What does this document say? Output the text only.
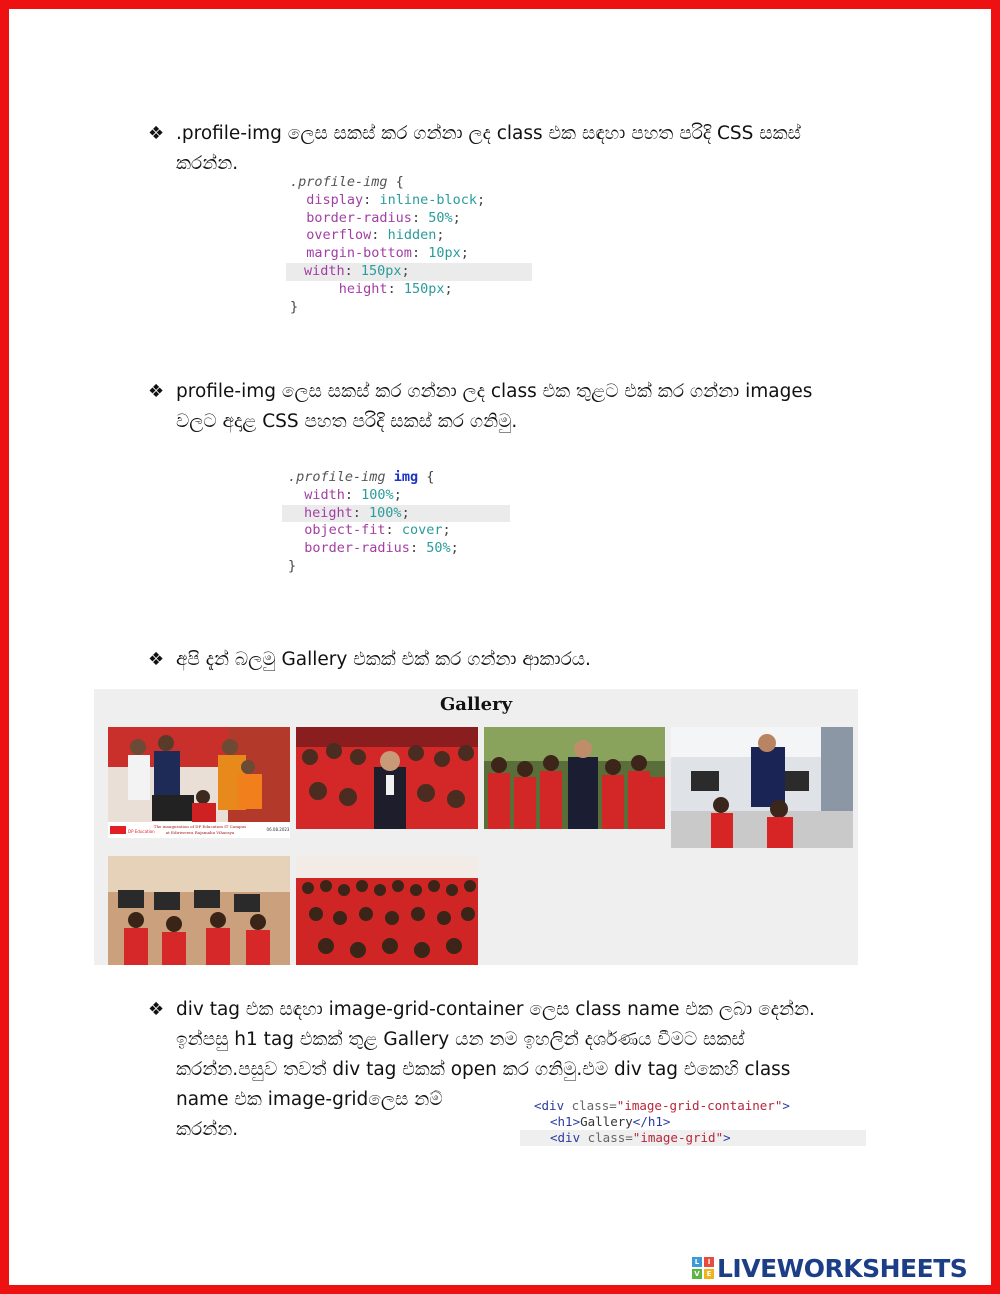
❖ .profile-img ලෙස සකස් කර ගන්නා ලද class එක සඳහා පහත පරිදි CSS සකස්
කරන්න.
.profile-img {
display: inline-block;
border-radius: 50%;
overflow: hidden;
margin-bottom: 10px;
width: 150px;
height: 150px;
}
❖ profile-img ලෙස සකස් කර ගන්නා ලද class එක තුළට එක් කර ගන්නා images
වලට අදාළ CSS පහත පරිදි සකස් කර ගනිමු.
.profile-img img {
width: 100%;
height: 100%;
object-fit: cover;
border-radius: 50%;
}
❖ අපි දැන් බලමු Gallery එකක් එක් කර ගන්නා ආකාරය.
Gallery
DP Education
The inauguration of DP Education IT Campus
at Ediriweera Rajamaha Viharaya
06.08.2023
❖ div tag එක සඳහා image-grid-container ලෙස class name එක ලබා දෙන්න.
ඉන්පසු h1 tag එකක් තුළ Gallery යන නම ඉහලින් දර්ශණය වීමට සකස්
කරන්න.පසුව තවත් div tag එකක් open කර ගනිමු.එම div tag එකෙහි class
name එක image-gridලෙස නම්
කරන්න.
<div class="image-grid-container">
<h1>Gallery</h1>
<div class="image-grid">
L	I
V E LIVEWORKSHEETS
